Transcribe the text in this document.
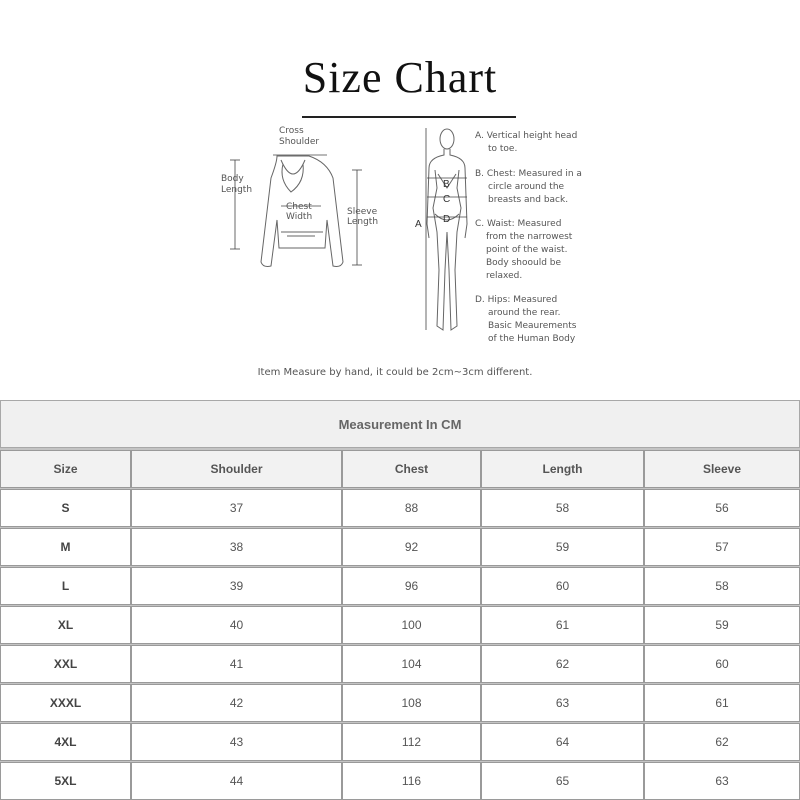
Size Chart
Cross
Shoulder
Body
Length
Chest
Width	Sleeve
Length	A
B
C
D
A. Vertical height head
to toe.
B. Chest: Measured in a
circle around the
breasts and back.
C. Waist: Measured
from the narrowest
point of the waist.
Body shoould be
relaxed.
D. Hips: Measured
around the rear.
Basic Meaurements
of the Human Body
Item Measure by hand, it could be 2cm~3cm different.
Measurement In CM
Size	Shoulder	Chest	Length	Sleeve
S	37	88	58	56
M	38	92	59	57
L	39	96	60	58
XL	40	100	61	59
XXL	41	104	62	60
XXXL	42	108	63	61
4XL	43	112	64	62
5XL	44	116	65	63
